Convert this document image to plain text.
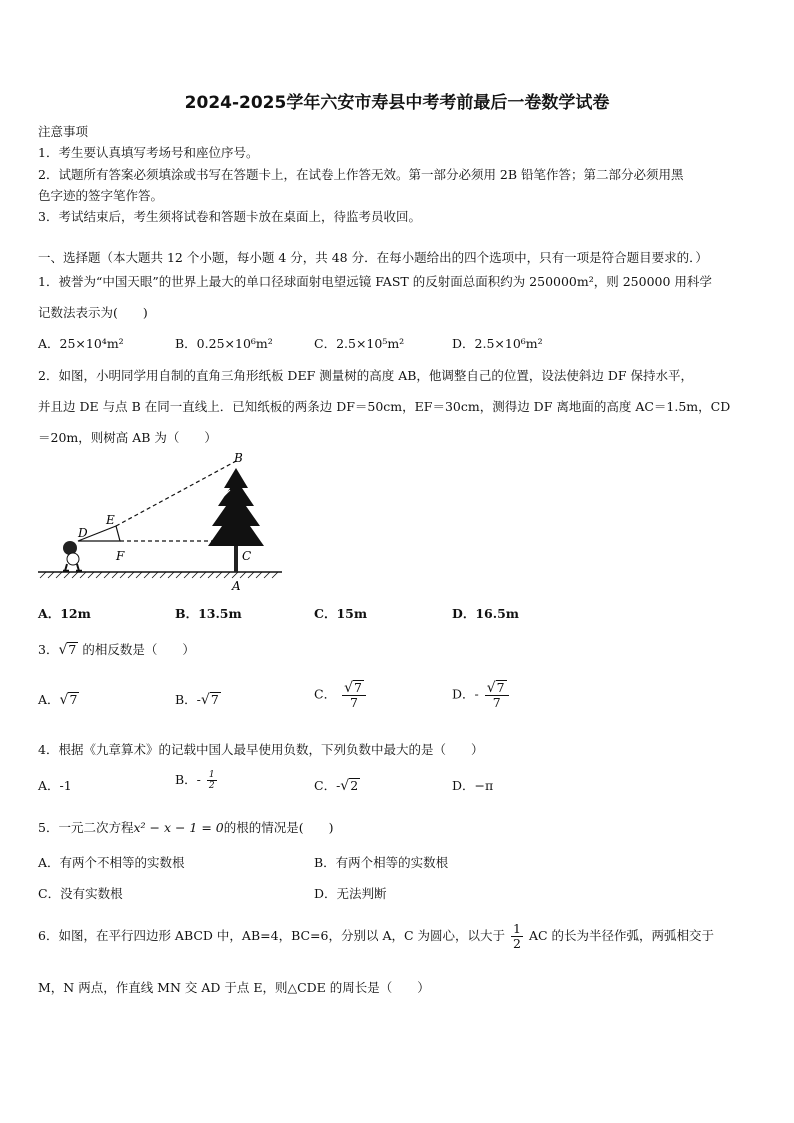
2024-2025学年六安市寿县中考考前最后一卷数学试卷
注意事项
1．考生要认真填写考场号和座位序号。
2．试题所有答案必须填涂或书写在答题卡上，在试卷上作答无效。第一部分必须用 2B 铅笔作答；第二部分必须用黑
色字迹的签字笔作答。
3．考试结束后，考生须将试卷和答题卡放在桌面上，待监考员收回。
一、选择题（本大题共 12 个小题，每小题 4 分，共 48 分．在每小题给出的四个选项中，只有一项是符合题目要求的．）
1．被誉为“中国天眼”的世界上最大的单口径球面射电望远镜 FAST 的反射面总面积约为 250000m²，则 250000 用科学
记数法表示为(　　)
A．25×10⁴m²	B．0.25×10⁶m²	C．2.5×10⁵m²	D．2.5×10⁶m²
2．如图，小明同学用自制的直角三角形纸板 DEF 测量树的高度 AB，他调整自己的位置，设法使斜边 DF 保持水平，
并且边 DE 与点 B 在同一直线上．已知纸板的两条边 DF＝50cm，EF＝30cm，测得边 DF 离地面的高度 AC＝1.5m，CD
＝20m，则树高 AB 为（　　）
B
E
D
F	C
A
A．12m	B．13.5m	C．15m	D．16.5m
3．√7 的相反数是（　　）
A．√7	B．-√7	C． $\frac{√7}{7}$	D．- $\frac{√7}{7}$
4．根据《九章算术》的记载中国人最早使用负数，下列负数中最大的是（　　）
A．-1	B．- $\frac{1}{2}$	C．-√2	D．−π
5．一元二次方程x² − x − 1 = 0的根的情况是(　　)
A．有两个不相等的实数根	B．有两个相等的实数根
C．没有实数根	D．无法判断
6．如图，在平行四边形 ABCD 中，AB=4，BC=6，分别以 A，C 为圆心，以大于 $\frac{1}{2}$ AC 的长为半径作弧，两弧相交于
M，N 两点，作直线 MN 交 AD 于点 E，则△CDE 的周长是（　　）
